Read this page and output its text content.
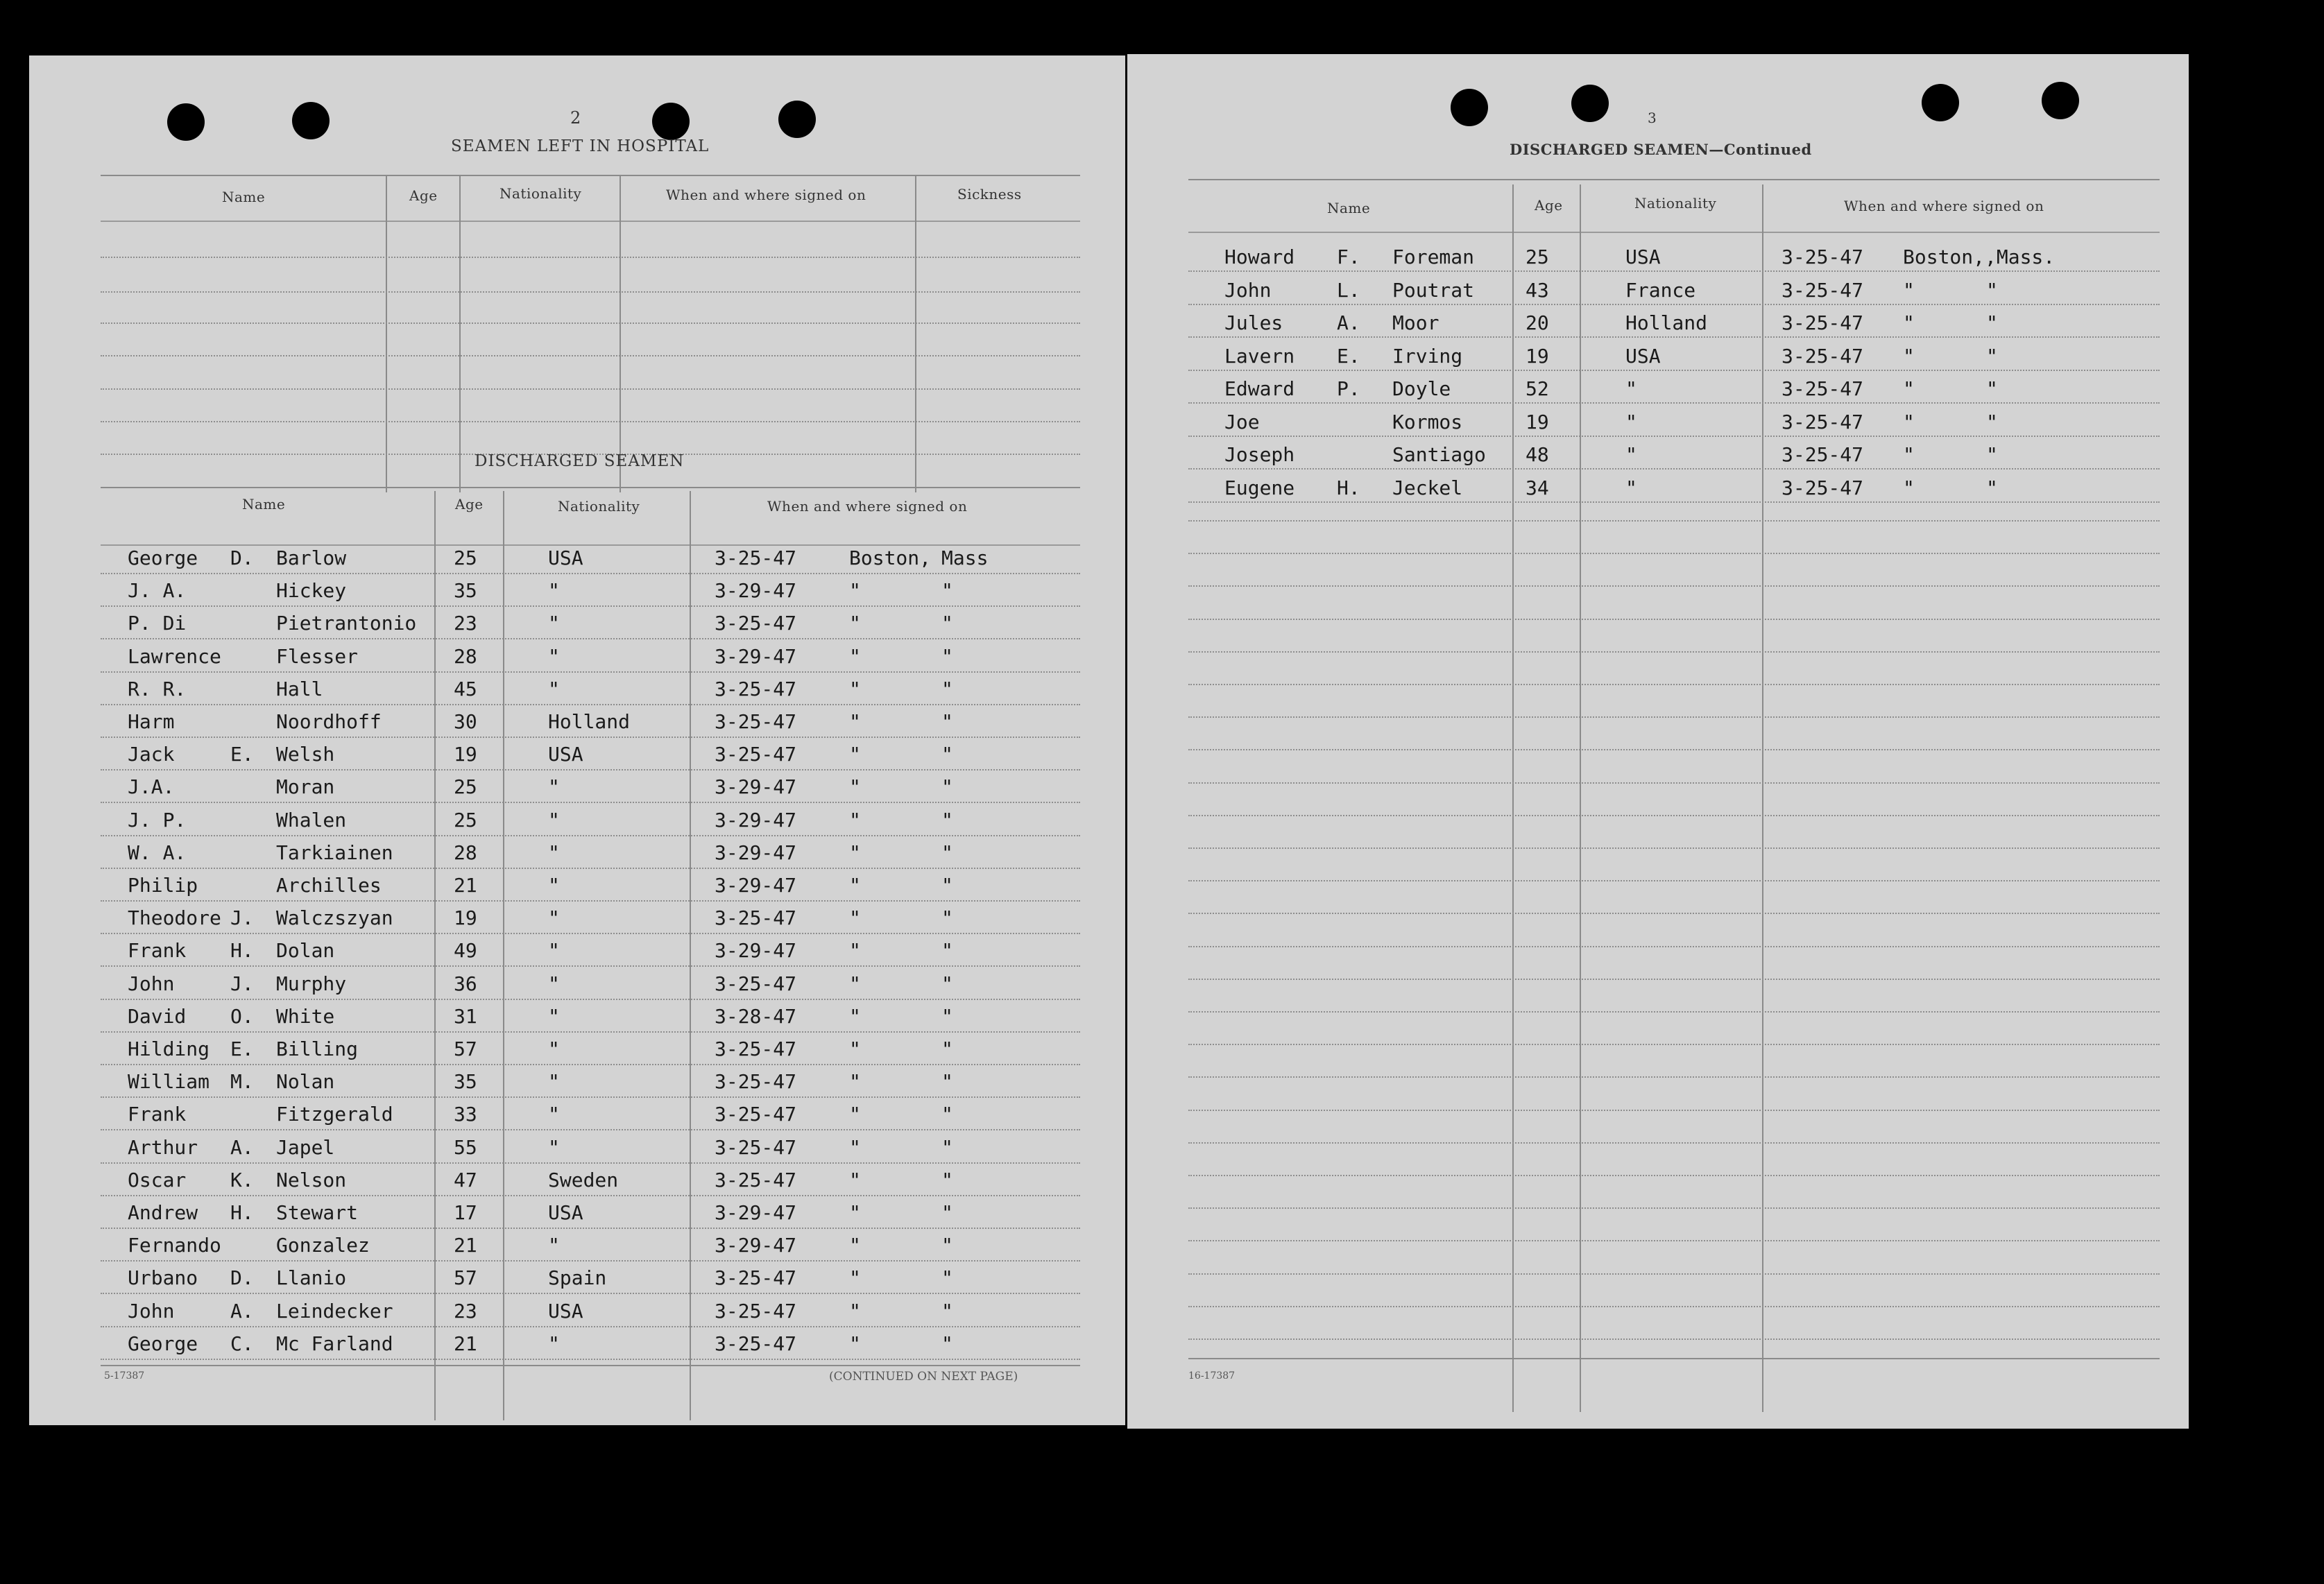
2
SEAMEN LEFT IN HOSPITAL
Name	Age	Nationality	When and where signed on	Sickness
DISCHARGED SEAMEN
Name	Age	Nationality	When and where signed on
George D. Barlow	25	USA	3-25-47	Boston, Mass
J. A.	Hickey	35	"	3-29-47	"	"
P. Di	Pietrantonio 23	"	3-25-47	"	"
Lawrence	Flesser	28	"	3-29-47	"	"
R. R.	Hall	45	"	3-25-47	"	"
Harm	Noordhoff	30	Holland	3-25-47	"	"
Jack	E. Welsh	19	USA	3-25-47	"	"
J.A.	Moran	25	"	3-29-47	"	"
J. P.	Whalen	25	"	3-29-47	"	"
W. A.	Tarkiainen	28	"	3-29-47	"	"
Philip	Archilles	21	"	3-29-47	"	"
Theodore J. Walczszyan	19	"	3-25-47	"	"
Frank H. Dolan	49	"	3-29-47	"	"
John	J. Murphy	36	"	3-25-47	"	"
David O. White	31	"	3-28-47	"	"
Hilding E. Billing	57	"	3-25-47	"	"
William M. Nolan	35	"	3-25-47	"	"
Frank	Fitzgerald	33	"	3-25-47	"	"
Arthur A. Japel	55	"	3-25-47	"	"
Oscar K. Nelson	47	Sweden	3-25-47	"	"
Andrew H. Stewart	17	USA	3-29-47	"	"
Fernando	Gonzalez	21	"	3-29-47	"	"
Urbano D. Llanio	57	Spain	3-25-47	"	"
John	A. Leindecker	23	USA	3-25-47	"	"
George C. Mc Farland	21	"	3-25-47	"	"
5-17387	(CONTINUED ON NEXT PAGE)
3
DISCHARGED SEAMEN—Continued
Name	Age	Nationality	When and where signed on
Howard F. Foreman	25	USA	3-25-47 Boston,,Mass.
John	L. Poutrat	43	France	3-25-47 "	"
Jules	A. Moor	20	Holland	3-25-47 "	"
Lavern E. Irving	19	USA	3-25-47 "	"
Edward P. Doyle	52	"	3-25-47 "	"
Joe	Kormos	19	"	3-25-47 "	"
Joseph	Santiago 48	"	3-25-47 "	"
Eugene H. Jeckel	34	"	3-25-47 "	"
16-17387
